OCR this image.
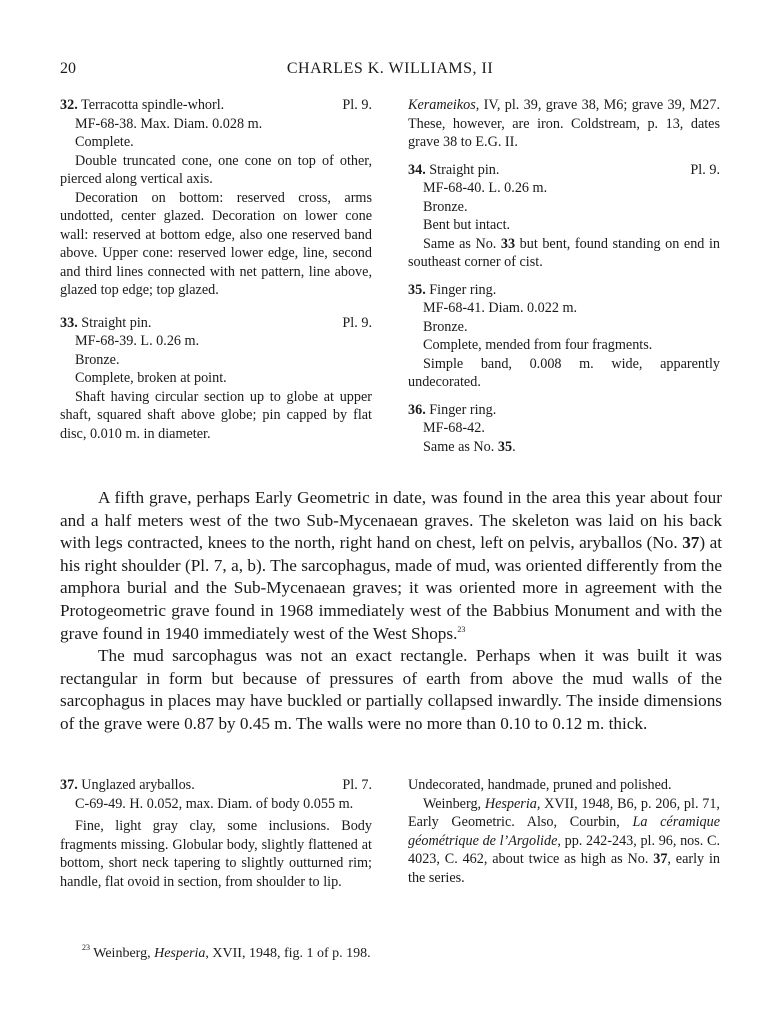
20	CHARLES K. WILLIAMS, II
32. Terracotta spindle-whorl.	Pl. 9.
MF-68-38. Max. Diam. 0.028 m.
Complete.
Double truncated cone, one cone on top of other, pierced along vertical axis.
Decoration on bottom: reserved cross, arms undotted, center glazed. Decoration on lower cone wall: reserved at bottom edge, also one reserved band above. Upper cone: reserved lower edge, line, second and third lines connected with net pattern, line above, glazed top edge; top glazed.
33. Straight pin.	Pl. 9.
MF-68-39. L. 0.26 m.
Bronze.
Complete, broken at point.
Shaft having circular section up to globe at upper shaft, squared shaft above globe; pin capped by flat disc, 0.010 m. in diameter.
Kerameikos, IV, pl. 39, grave 38, M6; grave 39, M27. These, however, are iron. Coldstream, p. 13, dates grave 38 to E.G. II.
34. Straight pin.	Pl. 9.
MF-68-40. L. 0.26 m.
Bronze.
Bent but intact.
Same as No. 33 but bent, found standing on end in southeast corner of cist.
35. Finger ring.
MF-68-41. Diam. 0.022 m.
Bronze.
Complete, mended from four fragments.
Simple band, 0.008 m. wide, apparently undecorated.
36. Finger ring.
MF-68-42.
Same as No. 35.

A fifth grave, perhaps Early Geometric in date, was found in the area this year about four and a half meters west of the two Sub-Mycenaean graves. The skeleton was laid on his back with legs contracted, knees to the north, right hand on chest, left on pelvis, aryballos (No. 37) at his right shoulder (Pl. 7, a, b). The sarcophagus, made of mud, was oriented differently from the amphora burial and the Sub-Mycenaean graves; it was oriented more in agreement with the Protogeometric grave found in 1968 immediately west of the Babbius Monument and with the grave found in 1940 immediately west of the West Shops.$^{23}$

The mud sarcophagus was not an exact rectangle. Perhaps when it was built it was rectangular in form but because of pressures of earth from above the mud walls of the sarcophagus in places may have buckled or partially collapsed inwardly. The inside dimensions of the grave were 0.87 by 0.45 m. The walls were no more than 0.10 to 0.12 m. thick.

37. Unglazed aryballos.	Pl. 7.
C-69-49. H. 0.052, max. Diam. of body 0.055 m.
Fine, light gray clay, some inclusions. Body fragments missing. Globular body, slightly flattened at bottom, short neck tapering to slightly outturned rim; handle, flat ovoid in section, from shoulder to lip.
Undecorated, handmade, pruned and polished.
Weinberg, Hesperia, XVII, 1948, B6, p. 206, pl. 71, Early Geometric. Also, Courbin, La céramique géométrique de l’Argolide, pp. 242-243, pl. 96, nos. C. 4023, C. 462, about twice as high as No. 37, early in the series.
$^{23}$ Weinberg, Hesperia, XVII, 1948, fig. 1 of p. 198.
